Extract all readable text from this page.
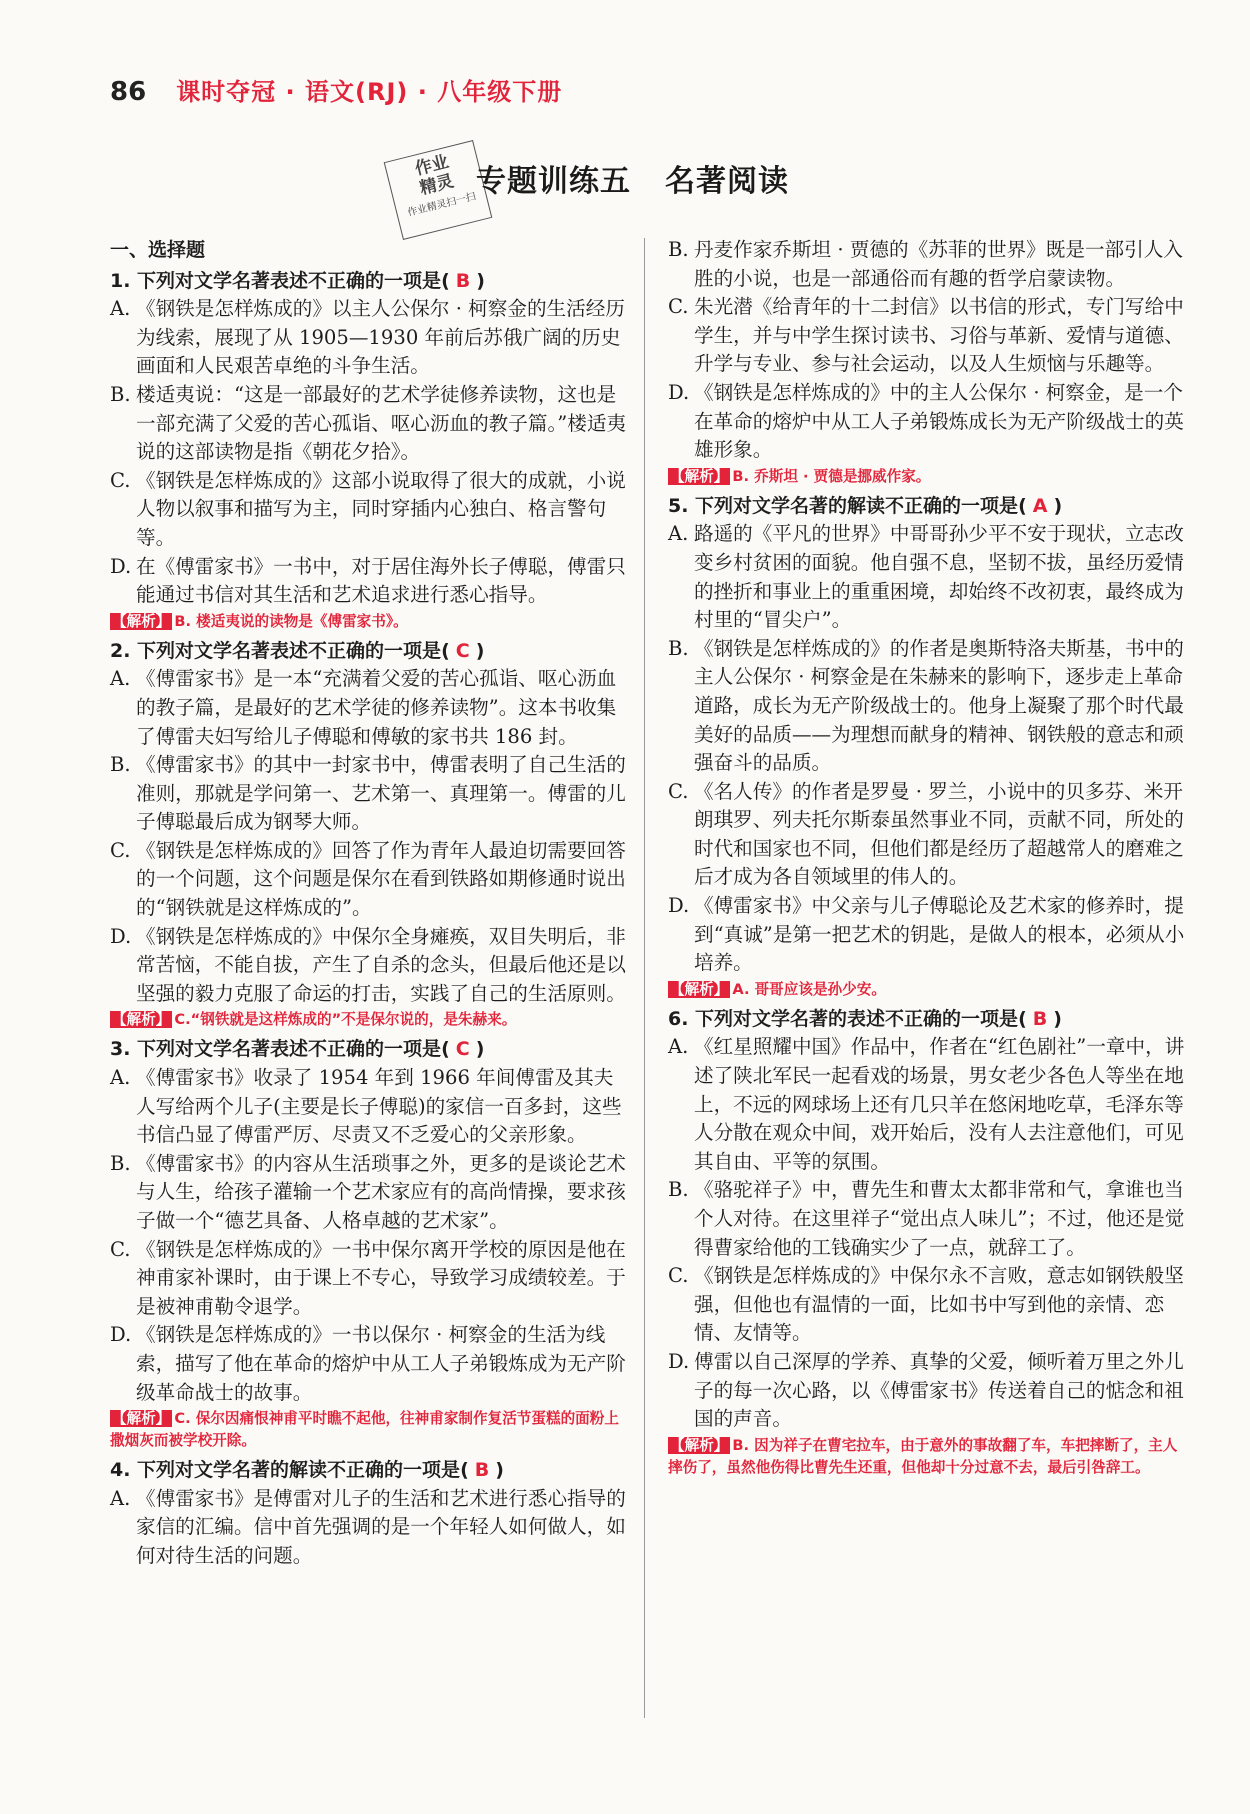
86 课时夺冠 · 语文(RJ) · 八年级下册
作业
精灵
作业精灵扫一扫
专题训练五 名著阅读
一、选择题

1. 下列对文学名著表述不正确的一项是( B )

A. 《钢铁是怎样炼成的》以主人公保尔 · 柯察金的生活经历为线索，展现了从 1905—1930 年前后苏俄广阔的历史画面和人民艰苦卓绝的斗争生活。

B. 楼适夷说：“这是一部最好的艺术学徒修养读物，这也是一部充满了父爱的苦心孤诣、呕心沥血的教子篇。”楼适夷说的这部读物是指《朝花夕拾》。

C. 《钢铁是怎样炼成的》这部小说取得了很大的成就，小说人物以叙事和描写为主，同时穿插内心独白、格言警句等。

D. 在《傅雷家书》一书中，对于居住海外长子傅聪，傅雷只能通过书信对其生活和艺术追求进行悉心指导。

【解析】 B. 楼适夷说的读物是《傅雷家书》。

2. 下列对文学名著表述不正确的一项是( C )

A. 《傅雷家书》是一本“充满着父爱的苦心孤诣、呕心沥血的教子篇，是最好的艺术学徒的修养读物”。这本书收集了傅雷夫妇写给儿子傅聪和傅敏的家书共 186 封。

B. 《傅雷家书》的其中一封家书中，傅雷表明了自己生活的准则，那就是学问第一、艺术第一、真理第一。傅雷的儿子傅聪最后成为钢琴大师。

C. 《钢铁是怎样炼成的》回答了作为青年人最迫切需要回答的一个问题，这个问题是保尔在看到铁路如期修通时说出的“钢铁就是这样炼成的”。

D. 《钢铁是怎样炼成的》中保尔全身瘫痪，双目失明后，非常苦恼，不能自拔，产生了自杀的念头，但最后他还是以坚强的毅力克服了命运的打击，实践了自己的生活原则。

【解析】 C.“钢铁就是这样炼成的”不是保尔说的，是朱赫来。

3. 下列对文学名著表述不正确的一项是( C )

A. 《傅雷家书》收录了 1954 年到 1966 年间傅雷及其夫人写给两个儿子(主要是长子傅聪)的家信一百多封，这些书信凸显了傅雷严厉、尽责又不乏爱心的父亲形象。

B. 《傅雷家书》的内容从生活琐事之外，更多的是谈论艺术与人生，给孩子灌输一个艺术家应有的高尚情操，要求孩子做一个“德艺具备、人格卓越的艺术家”。

C. 《钢铁是怎样炼成的》一书中保尔离开学校的原因是他在神甫家补课时，由于课上不专心，导致学习成绩较差。于是被神甫勒令退学。

D. 《钢铁是怎样炼成的》一书以保尔 · 柯察金的生活为线索，描写了他在革命的熔炉中从工人子弟锻炼成为无产阶级革命战士的故事。

【解析】 C. 保尔因痛恨神甫平时瞧不起他，往神甫家制作复活节蛋糕的面粉上撒烟灰而被学校开除。

4. 下列对文学名著的解读不正确的一项是( B )

A. 《傅雷家书》是傅雷对儿子的生活和艺术进行悉心指导的家信的汇编。信中首先强调的是一个年轻人如何做人，如何对待生活的问题。

B. 丹麦作家乔斯坦 · 贾德的《苏菲的世界》既是一部引人入胜的小说，也是一部通俗而有趣的哲学启蒙读物。

C. 朱光潜《给青年的十二封信》以书信的形式，专门写给中学生，并与中学生探讨读书、习俗与革新、爱情与道德、升学与专业、参与社会运动，以及人生烦恼与乐趣等。

D. 《钢铁是怎样炼成的》中的主人公保尔 · 柯察金，是一个在革命的熔炉中从工人子弟锻炼成长为无产阶级战士的英雄形象。

【解析】 B. 乔斯坦 · 贾德是挪威作家。

5. 下列对文学名著的解读不正确的一项是( A )

A. 路遥的《平凡的世界》中哥哥孙少平不安于现状，立志改变乡村贫困的面貌。他自强不息，坚韧不拔，虽经历爱情的挫折和事业上的重重困境，却始终不改初衷，最终成为村里的“冒尖户”。

B. 《钢铁是怎样炼成的》的作者是奥斯特洛夫斯基，书中的主人公保尔 · 柯察金是在朱赫来的影响下，逐步走上革命道路，成长为无产阶级战士的。他身上凝聚了那个时代最美好的品质——为理想而献身的精神、钢铁般的意志和顽强奋斗的品质。

C. 《名人传》的作者是罗曼 · 罗兰，小说中的贝多芬、米开朗琪罗、列夫托尔斯泰虽然事业不同，贡献不同，所处的时代和国家也不同，但他们都是经历了超越常人的磨难之后才成为各自领域里的伟人的。

D. 《傅雷家书》中父亲与儿子傅聪论及艺术家的修养时，提到“真诚”是第一把艺术的钥匙，是做人的根本，必须从小培养。

【解析】 A. 哥哥应该是孙少安。

6. 下列对文学名著的表述不正确的一项是( B )

A. 《红星照耀中国》作品中，作者在“红色剧社”一章中，讲述了陕北军民一起看戏的场景，男女老少各色人等坐在地上，不远的网球场上还有几只羊在悠闲地吃草，毛泽东等人分散在观众中间，戏开始后，没有人去注意他们，可见其自由、平等的氛围。

B. 《骆驼祥子》中，曹先生和曹太太都非常和气，拿谁也当个人对待。在这里祥子“觉出点人味儿”；不过，他还是觉得曹家给他的工钱确实少了一点，就辞工了。

C. 《钢铁是怎样炼成的》中保尔永不言败，意志如钢铁般坚强，但他也有温情的一面，比如书中写到他的亲情、恋情、友情等。

D. 傅雷以自己深厚的学养、真挚的父爱，倾听着万里之外儿子的每一次心路，以《傅雷家书》传送着自己的惦念和祖国的声音。

【解析】 B. 因为祥子在曹宅拉车，由于意外的事故翻了车，车把摔断了，主人摔伤了，虽然他伤得比曹先生还重，但他却十分过意不去，最后引咎辞工。
